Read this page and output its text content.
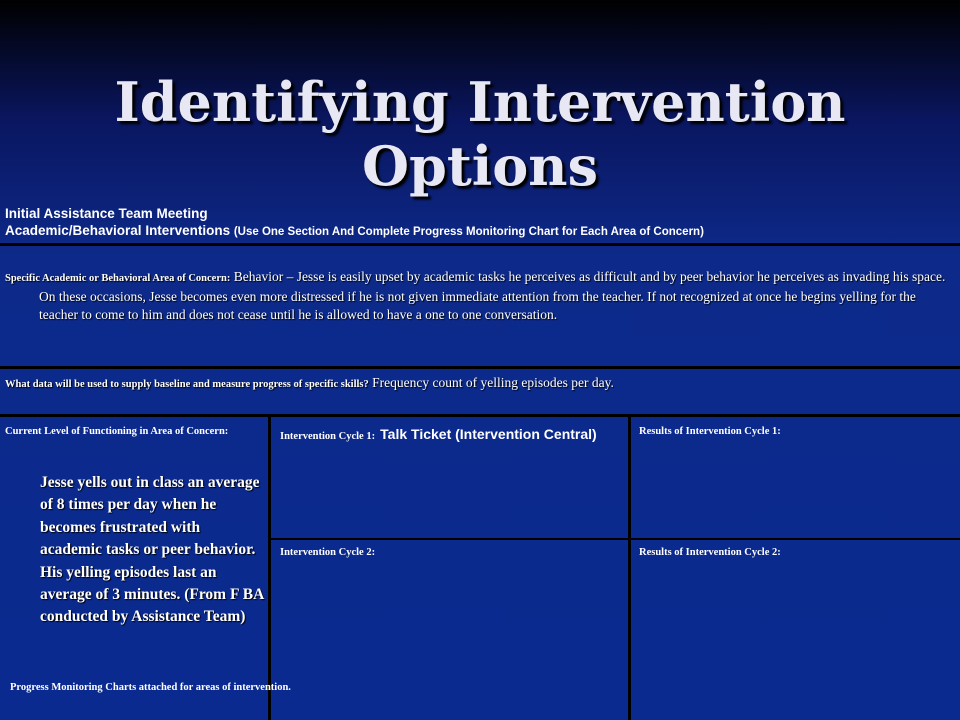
Identifying Intervention Options
Initial Assistance Team Meeting
Academic/Behavioral Interventions (Use One Section And Complete Progress Monitoring Chart for Each Area of Concern)
Specific Academic or Behavioral Area of Concern: Behavior – Jesse is easily upset by academic tasks he perceives as difficult and by peer behavior he perceives as invading his space. On these occasions, Jesse becomes even more distressed if he is not given immediate attention from the teacher. If not recognized at once he begins yelling for the teacher to come to him and does not cease until he is allowed to have a one to one conversation.
What data will be used to supply baseline and measure progress of specific skills? Frequency count of yelling episodes per day.
Current Level of Functioning in Area of Concern:
Jesse yells out in class an average of 8 times per day when he becomes frustrated with academic tasks or peer behavior. His yelling episodes last an average of 3 minutes. (From F BA conducted by Assistance Team)
Progress Monitoring Charts attached for areas of intervention.
Intervention Cycle 1: Talk Ticket (Intervention Central)	Results of Intervention Cycle 1:
Intervention Cycle 2:	Results of Intervention Cycle 2:
